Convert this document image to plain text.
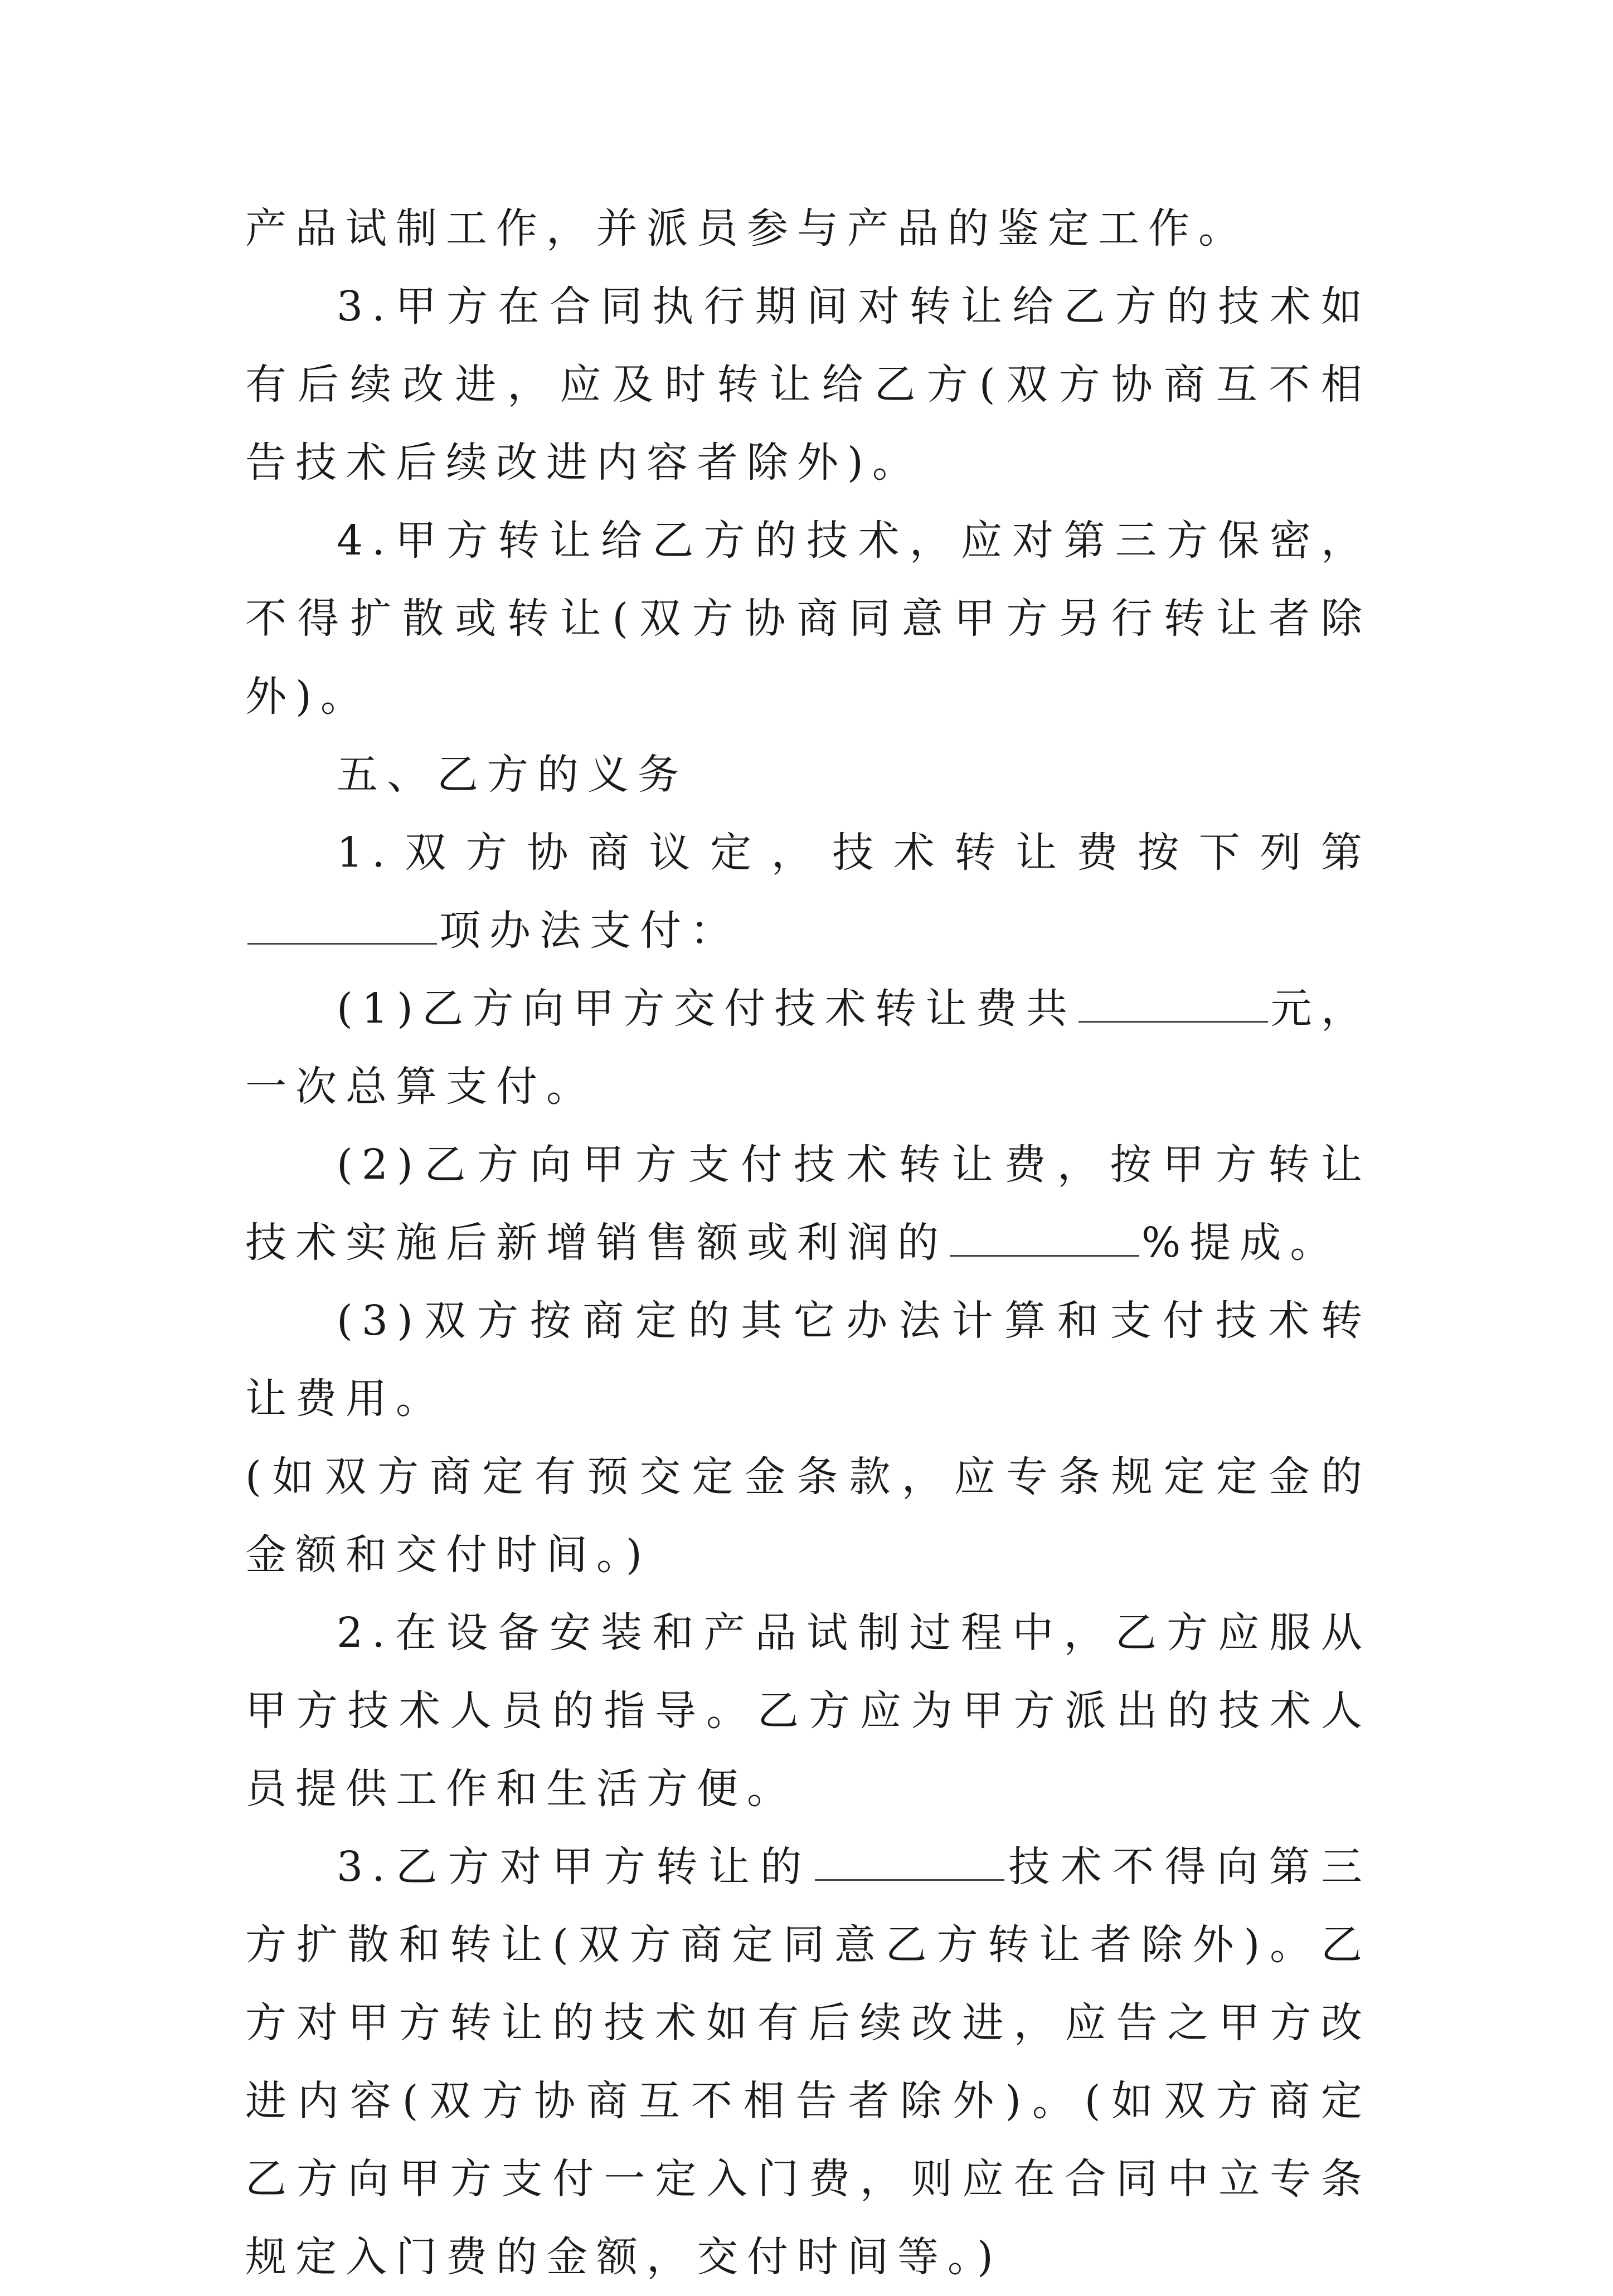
产品试制工作，并派员参与产品的鉴定工作。

3.甲方在合同执行期间对转让给乙方的技术如有后续改进，应及时转让给乙方(双方协商互不相告技术后续改进内容者除外)。

4.甲方转让给乙方的技术，应对第三方保密，不得扩散或转让(双方协商同意甲方另行转让者除外)。

五、乙方的义务

1.双方协商议定，技术转让费按下列第项办法支付：

(1)乙方向甲方交付技术转让费共	元，一次总算支付。

(2)乙方向甲方支付技术转让费，按甲方转让技术实施后新增销售额或利润的	%提成。

(3)双方按商定的其它办法计算和支付技术转让费用。

(如双方商定有预交定金条款，应专条规定定金的金额和交付时间。)

2.在设备安装和产品试制过程中，乙方应服从甲方技术人员的指导。乙方应为甲方派出的技术人员提供工作和生活方便。

3.乙方对甲方转让的	技术不得向第三方扩散和转让(双方商定同意乙方转让者除外)。乙方对甲方转让的技术如有后续改进，应告之甲方改进内容(双方协商互不相告者除外)。(如双方商定乙方向甲方支付一定入门费，则应在合同中立专条规定入门费的金额，交付时间等。)
